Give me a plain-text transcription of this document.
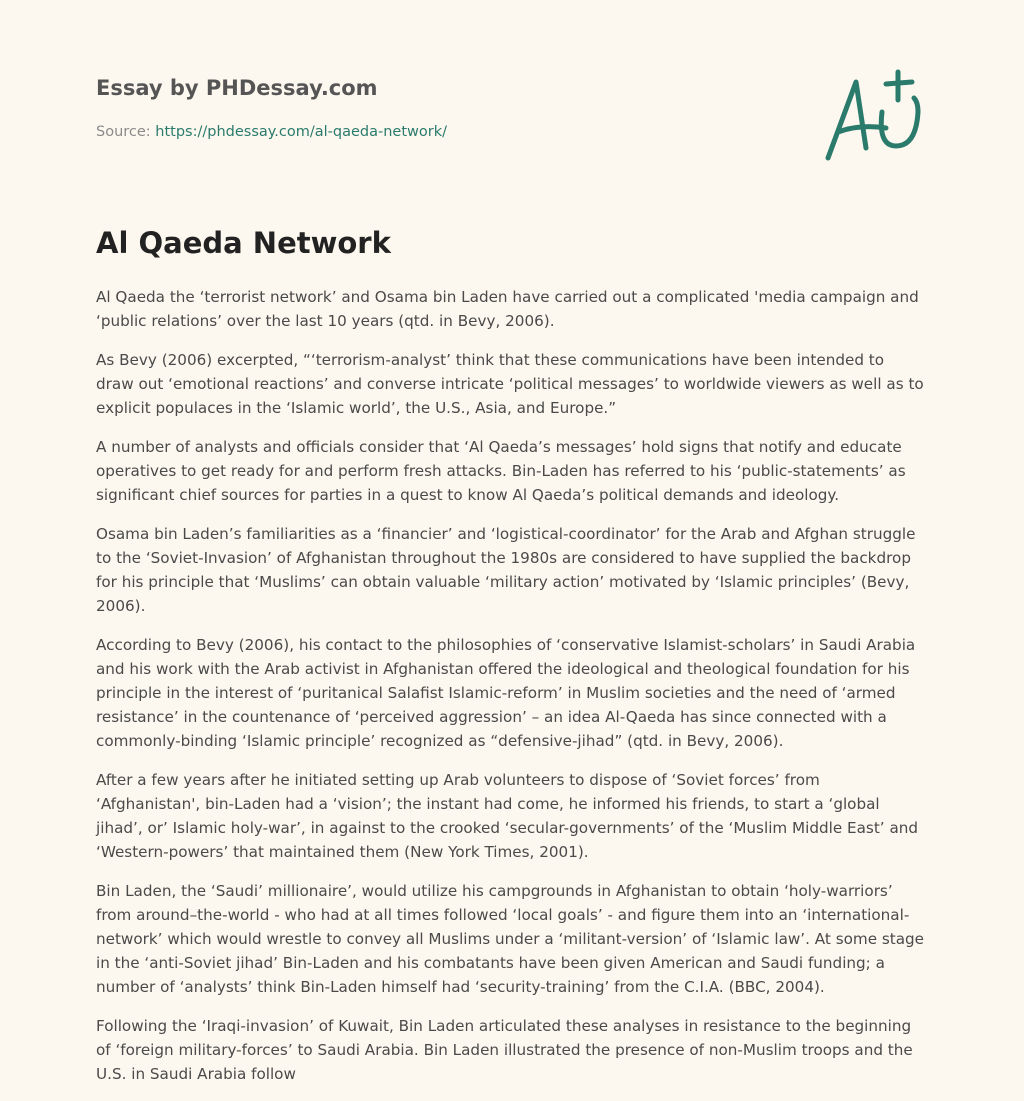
Essay by PHDessay.com
Source: https://phdessay.com/al-qaeda-network/
Al Qaeda Network

Al Qaeda the ‘terrorist network’ and Osama bin Laden have carried out a complicated 'media campaign and ‘public relations’ over the last 10 years (qtd. in Bevy, 2006).

As Bevy (2006) excerpted, “‘terrorism-analyst’ think that these communications have been intended to draw out ‘emotional reactions’ and converse intricate ‘political messages’ to worldwide viewers as well as to explicit populaces in the ‘Islamic world’, the U.S., Asia, and Europe.”

A number of analysts and officials consider that ‘Al Qaeda’s messages’ hold signs that notify and educate operatives to get ready for and perform fresh attacks. Bin-Laden has referred to his ‘public-statements’ as significant chief sources for parties in a quest to know Al Qaeda’s political demands and ideology.

Osama bin Laden’s familiarities as a ‘financier’ and ‘logistical-coordinator’ for the Arab and Afghan struggle to the ‘Soviet-Invasion’ of Afghanistan throughout the 1980s are considered to have supplied the backdrop for his principle that ‘Muslims’ can obtain valuable ‘military action’ motivated by ‘Islamic principles’ (Bevy, 2006).

According to Bevy (2006), his contact to the philosophies of ‘conservative Islamist-scholars’ in Saudi Arabia and his work with the Arab activist in Afghanistan offered the ideological and theological foundation for his principle in the interest of ‘puritanical Salafist Islamic-reform’ in Muslim societies and the need of ‘armed resistance’ in the countenance of ‘perceived aggression’ – an idea Al-Qaeda has since connected with a commonly-binding ‘Islamic principle’ recognized as “defensive-jihad” (qtd. in Bevy, 2006).

After a few years after he initiated setting up Arab volunteers to dispose of ‘Soviet forces’ from ‘Afghanistan', bin-Laden had a ‘vision’; the instant had come, he informed his friends, to start a ‘global jihad’, or’ Islamic holy-war’, in against to the crooked ‘secular-governments’ of the ‘Muslim Middle East’ and ‘Western-powers’ that maintained them (New York Times, 2001).

Bin Laden, the ‘Saudi’ millionaire’, would utilize his campgrounds in Afghanistan to obtain ‘holy-warriors’ from around–the-world - who had at all times followed ‘local goals’ - and figure them into an ‘international-network’ which would wrestle to convey all Muslims under a ‘militant-version’ of ‘Islamic law’. At some stage in the ‘anti-Soviet jihad’ Bin-Laden and his combatants have been given American and Saudi funding; a number of ‘analysts’ think Bin-Laden himself had ‘security-training’ from the C.I.A. (BBC, 2004).

Following the ‘Iraqi-invasion’ of Kuwait, Bin Laden articulated these analyses in resistance to the beginning of ‘foreign military-forces’ to Saudi Arabia. Bin Laden illustrated the presence of non-Muslim troops and the U.S. in Saudi Arabia follow
